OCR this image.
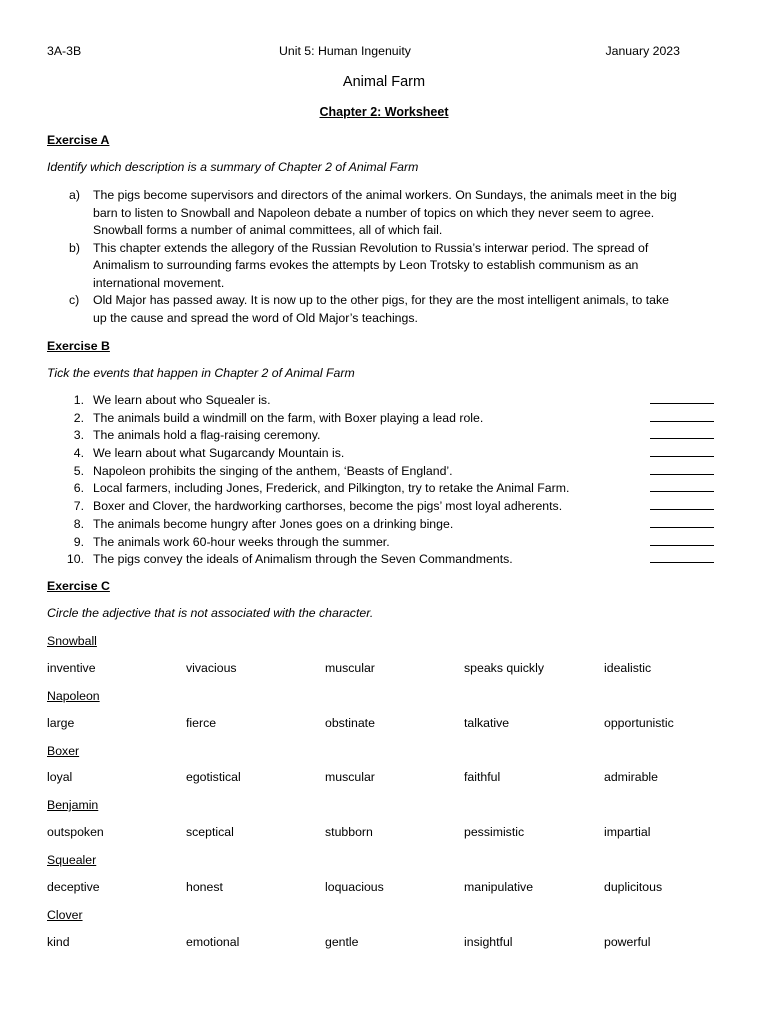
3A-3B	Unit 5: Human Ingenuity	January 2023
Animal Farm
Chapter 2: Worksheet
Exercise A
Identify which description is a summary of Chapter 2 of Animal Farm
a) The pigs become supervisors and directors of the animal workers. On Sundays, the animals meet in the big
barn to listen to Snowball and Napoleon debate a number of topics on which they never seem to agree.
Snowball forms a number of animal committees, all of which fail.
b) This chapter extends the allegory of the Russian Revolution to Russia’s interwar period. The spread of
Animalism to surrounding farms evokes the attempts by Leon Trotsky to establish communism as an
international movement.
c) Old Major has passed away. It is now up to the other pigs, for they are the most intelligent animals, to take
up the cause and spread the word of Old Major’s teachings.
Exercise B
Tick the events that happen in Chapter 2 of Animal Farm
1. We learn about who Squealer is.
2. The animals build a windmill on the farm, with Boxer playing a lead role.
3. The animals hold a flag-raising ceremony.
4. We learn about what Sugarcandy Mountain is.
5. Napoleon prohibits the singing of the anthem, ‘Beasts of England’.
6. Local farmers, including Jones, Frederick, and Pilkington, try to retake the Animal Farm.
7. Boxer and Clover, the hardworking carthorses, become the pigs’ most loyal adherents.
8. The animals become hungry after Jones goes on a drinking binge.
9. The animals work 60-hour weeks through the summer.
10. The pigs convey the ideals of Animalism through the Seven Commandments.
Exercise C
Circle the adjective that is not associated with the character.
Snowball
inventive	vivacious	muscular	speaks quickly	idealistic
Napoleon
large	fierce	obstinate	talkative	opportunistic
Boxer
loyal	egotistical	muscular	faithful	admirable
Benjamin
outspoken	sceptical	stubborn	pessimistic	impartial
Squealer
deceptive	honest	loquacious	manipulative	duplicitous
Clover
kind	emotional	gentle	insightful	powerful
